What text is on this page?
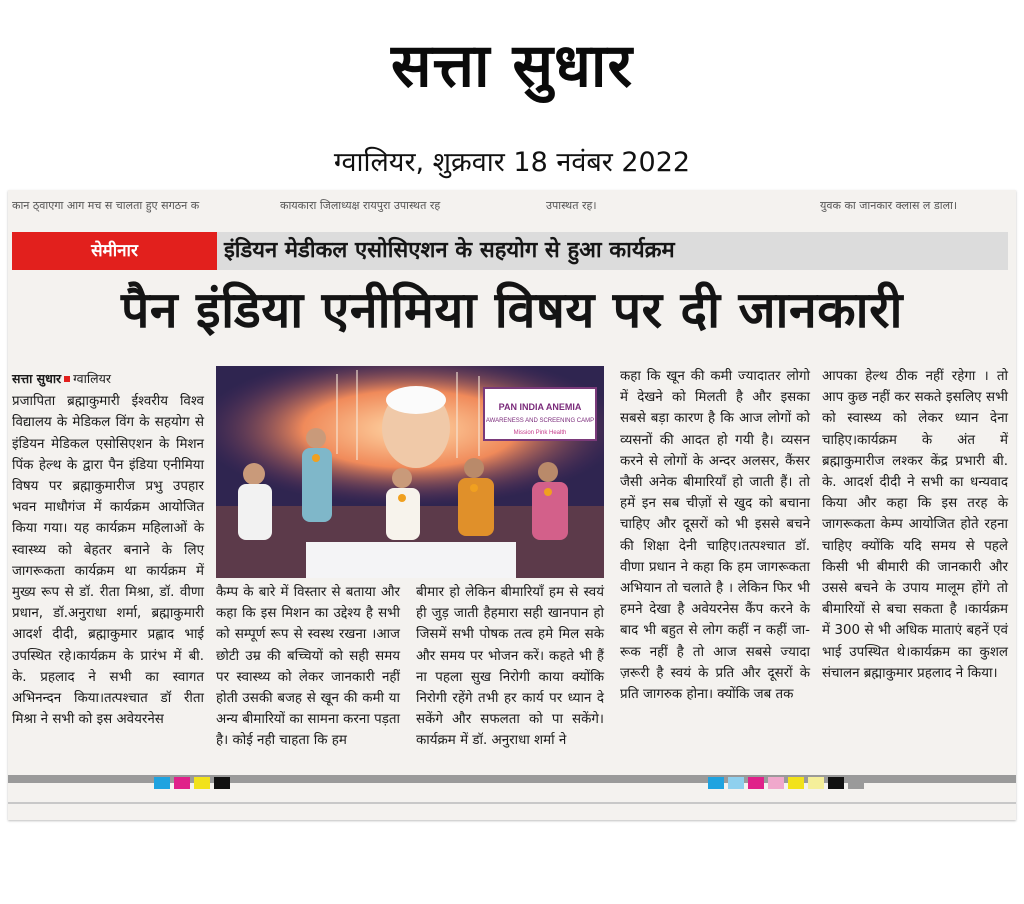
सत्ता सुधार
ग्वालियर, शुक्रवार 18 नवंबर 2022
कान ठ्वाएगा आग मच स चालता हुए सगठन क	कायकारा जिलाध्यक्ष रायपुरा उपास्थत रह	उपास्थत रह।	युवक का जानकार क्लास ल डाला।
सेमीनार	इंडियन मेडीकल एसोसिएशन के सहयोग से हुआ कार्यक्रम
पैन इंडिया एनीमिया विषय पर दी जानकारी
सत्ता सुधार ग्वालियर
प्रजापिता ब्रह्माकुमारी ईश्वरीय विश्व विद्यालय के मेडिकल विंग के सहयोग से इंडियन मेडिकल एसोसिएशन के मिशन पिंक हेल्थ के द्वारा पैन इंडिया एनीमिया विषय पर ब्रह्माकुमारीज प्रभु उपहार भवन माधौगंज में कार्यक्रम आयोजित किया गया। यह कार्यक्रम महिलाओं के स्वास्थ्य को बेहतर बनाने के लिए जागरूकता कार्यक्रम था कार्यक्रम में मुख्य रूप से डॉ. रीता मिश्रा, डॉ. वीणा प्रधान, डॉ.अनुराधा शर्मा, ब्रह्माकुमारी आदर्श दीदी, ब्रह्माकुमार प्रह्लाद भाई उपस्थित रहे।कार्यक्रम के प्रारंभ में बी. के. प्रहलाद ने सभी का स्वागत अभिनन्दन किया।तत्पश्चात डॉ रीता मिश्रा ने सभी को इस अवेयरनेस
PAN INDIA ANEMIA
AWARENESS AND SCREENING CAMP
Mission Pink Health
कैम्प के बारे में विस्तार से बताया और कहा कि इस मिशन का उद्देश्य है सभी को सम्पूर्ण रूप से स्वस्थ रखना ।आज छोटी उम्र की बच्चियों को सही समय पर स्वास्थ्य को लेकर जानकारी नहीं होती उसकी बजह से खून की कमी या अन्य बीमारियों का सामना करना पड़ता है। कोई नही चाहता कि हम
बीमार हो लेकिन बीमारियाँ हम से स्वयं ही जुड़ जाती हैहमारा सही खानपान हो जिसमें सभी पोषक तत्व हमे मिल सके और समय पर भोजन करें। कहते भी हैं ना पहला सुख निरोगी काया क्योंकि निरोगी रहेंगे तभी हर कार्य पर ध्यान दे सकेंगे और सफलता को पा सकेंगे।कार्यक्रम में डॉ. अनुराधा शर्मा ने
कहा कि खून की कमी ज्यादातर लोगो में देखने को मिलती है और इसका सबसे बड़ा कारण है कि आज लोगों को व्यसनों की आदत हो गयी है। व्यसन करने से लोगों के अन्दर अलसर, कैंसर जैसी अनेक बीमारियाँ हो जाती हैं। तो हमें इन सब चीज़ों से खुद को बचाना चाहिए और दूसरों को भी इससे बचने की शिक्षा देनी चाहिए।तत्पश्चात डॉ. वीणा प्रधान ने कहा कि हम जागरूकता अभियान तो चलाते है । लेकिन फिर भी हमने देखा है अवेयरनेस कैंप करने के बाद भी बहुत से लोग कहीं न कहीं जा-रूक नहीं है तो आज सबसे ज्यादा ज़रूरी है स्वयं के प्रति और दूसरों के प्रति जागरुक होना। क्योंकि जब तक
आपका हेल्थ ठीक नहीं रहेगा । तो आप कुछ नहीं कर सकते इसलिए सभी को स्वास्थ्य को लेकर ध्यान देना चाहिए।कार्यक्रम के अंत में ब्रह्माकुमारीज लश्कर केंद्र प्रभारी बी. के. आदर्श दीदी ने सभी का धन्यवाद किया और कहा कि इस तरह के जागरूकता केम्प आयोजित होते रहना चाहिए क्योंकि यदि समय से पहले किसी भी बीमारी की जानकारी और उससे बचने के उपाय मालूम होंगे तो बीमारियों से बचा सकता है ।कार्यक्रम में 300 से भी अधिक माताएं बहनें एवं भाई उपस्थित थे।कार्यक्रम का कुशल संचालन ब्रह्माकुमार प्रहलाद ने किया।
